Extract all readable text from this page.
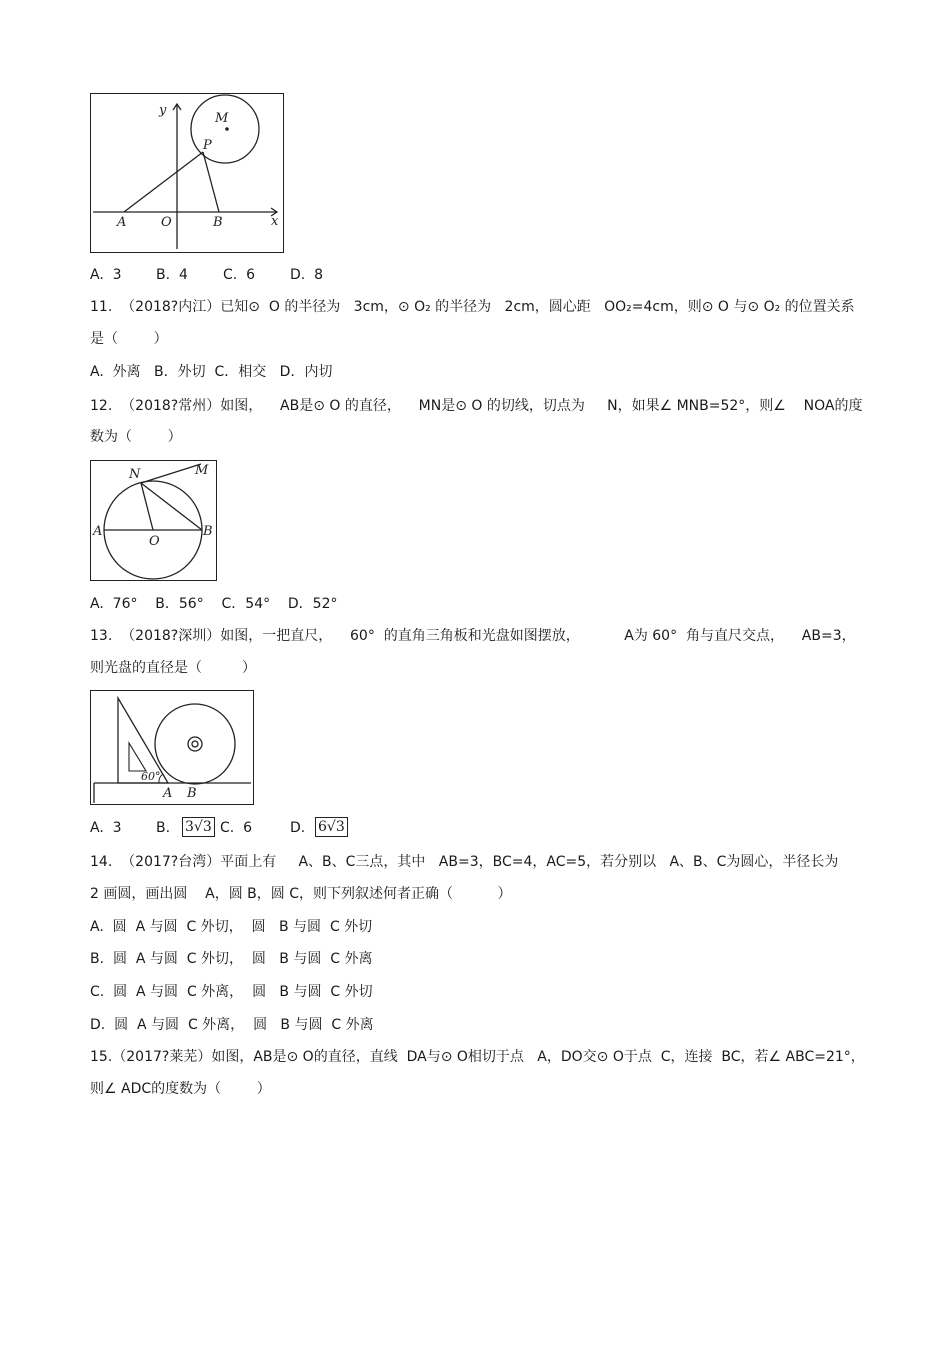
y
x
M
P
A	O	B

A.  3

B.  4

	C.  6

D.  8

11.  （2018?内江）已知⊙  O 的半径为   3cm，⊙ O₂ 的半径为   2cm，圆心距   OO₂=4cm，则⊙ O 与⊙ O₂ 的位置关系
是（        ）
A.  外离   B．外切  C．相交   D．内切
12.  （2018?常州）如图，    AB是⊙ O 的直径，    MN是⊙ O 的切线，切点为     N，如果∠ MNB=52°，则∠    NOA的度
数为（        ）
N	M
A
O
B
A.  76°    B．56°    C．54°    D．52°
13.  （2018?深圳）如图，一把直尺，    60°  的直角三角板和光盘如图摆放，          A为 60°  角与直尺交点，    AB=3，
则光盘的直径是（         ）
60°
A B

A.  3

B.

3√3

C.  6

	D.

6√3

14.  （2017?台湾）平面上有     A、B、C三点，其中   AB=3，BC=4，AC=5，若分别以   A、B、C为圆心，半径长为
2 画圆，画出圆    A，圆 B，圆 C，则下列叙述何者正确（          ）
A.  圆  A 与圆  C 外切，  圆   B 与圆  C 外切
B.  圆  A 与圆  C 外切，  圆   B 与圆  C 外离
C.  圆  A 与圆  C 外离，  圆   B 与圆  C 外切
D.  圆  A 与圆  C 外离，  圆   B 与圆  C 外离
15.（2017?莱芜）如图，AB是⊙ O的直径，直线  DA与⊙ O相切于点   A，DO交⊙ O于点  C，连接  BC，若∠ ABC=21°，
则∠ ADC的度数为（        ）
